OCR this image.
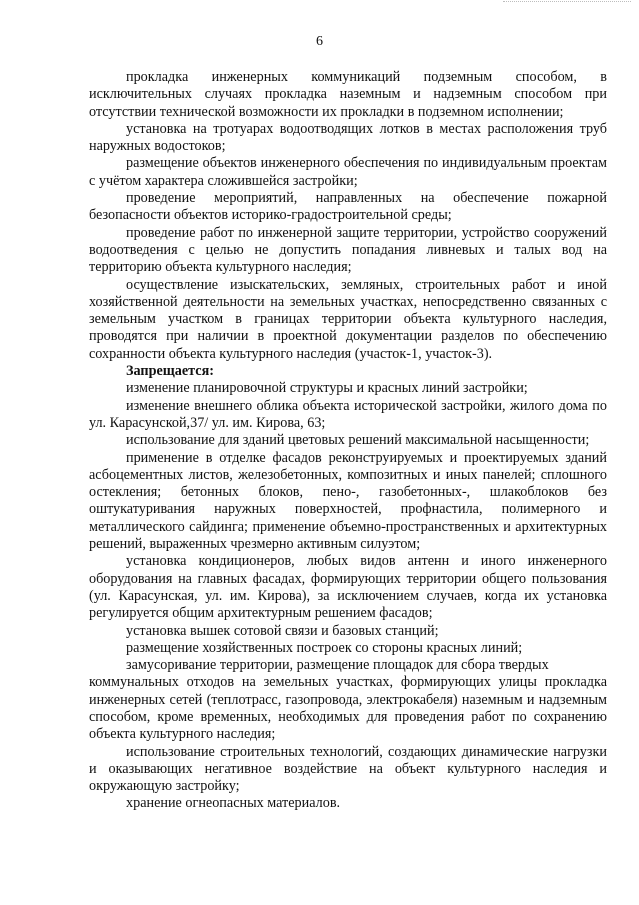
6

прокладка инженерных коммуникаций подземным способом, в исключительных случаях прокладка наземным и надземным способом при отсутствии технической возможности их прокладки в подземном исполнении;

установка на тротуарах водоотводящих лотков в местах расположения труб наружных водостоков;

размещение объектов инженерного обеспечения по индивидуальным проектам с учётом характера сложившейся застройки;

проведение мероприятий, направленных на обеспечение пожарной безопасности объектов историко-градостроительной среды;

проведение работ по инженерной защите территории, устройство сооружений водоотведения с целью не допустить попадания ливневых и талых вод на территорию объекта культурного наследия;

осуществление изыскательских, земляных, строительных работ и иной хозяйственной деятельности на земельных участках, непосредственно связанных с земельным участком в границах территории объекта культурного наследия, проводятся при наличии в проектной документации разделов по обеспечению сохранности объекта культурного наследия (участок-1, участок-3).

Запрещается:

изменение планировочной структуры и красных линий застройки;

изменение внешнего облика объекта исторической застройки, жилого дома по ул. Карасунской,37/ ул. им. Кирова, 63;

использование для зданий цветовых решений максимальной насыщенности;

применение в отделке фасадов реконструируемых и проектируемых зданий асбоцементных листов, железобетонных, композитных и иных панелей; сплошного остекления; бетонных блоков, пено-, газобетонных-, шлакоблоков без оштукатуривания наружных поверхностей, профнастила, полимерного и металлического сайдинга; применение объемно-пространственных и архитектурных решений, выраженных чрезмерно активным силуэтом;

установка кондиционеров, любых видов антенн и иного инженерного оборудования на главных фасадах, формирующих территории общего пользования (ул. Карасунская, ул. им. Кирова), за исключением случаев, когда их установка регулируется общим архитектурным решением фасадов;

установка вышек сотовой связи и базовых станций;

размещение хозяйственных построек со стороны красных линий;

замусоривание территории, размещение площадок для сбора твердых

коммунальных отходов на земельных участках, формирующих улицы прокладка инженерных сетей (теплотрасс, газопровода, электрокабеля) наземным и надземным способом, кроме временных, необходимых для проведения работ по сохранению объекта культурного наследия;

использование строительных технологий, создающих динамические нагрузки и оказывающих негативное воздействие на объект культурного наследия и окружающую застройку;

хранение огнеопасных материалов.
